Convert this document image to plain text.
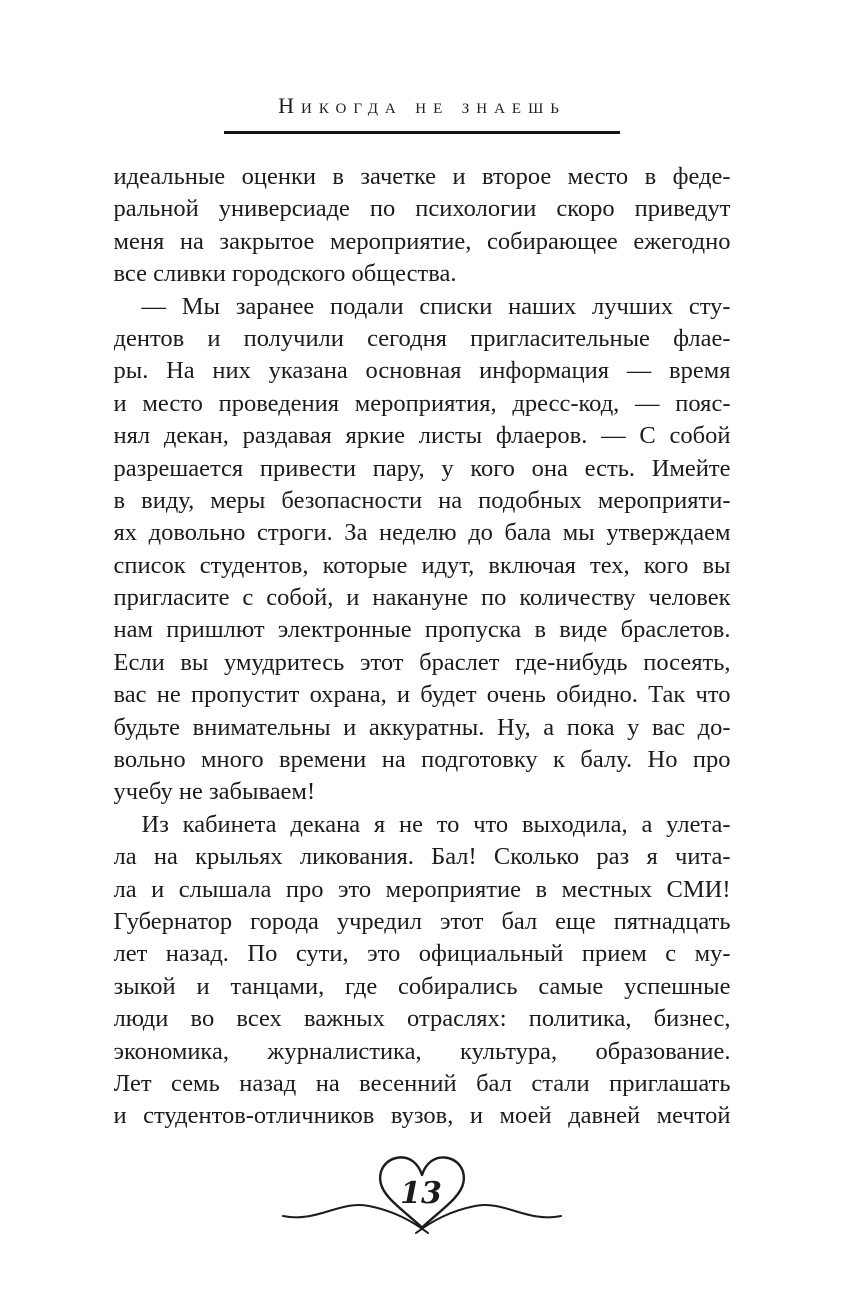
Никогда не знаешь
идеальные оценки в зачетке и второе место в феде-
ральной универсиаде по психологии скоро приведут
меня на закрытое мероприятие, собирающее ежегодно
все сливки городского общества.
— Мы заранее подали списки наших лучших сту-
дентов и получили сегодня пригласительные флае-
ры. На них указана основная информация — время
и место проведения мероприятия, дресс-код, — пояс-
нял декан, раздавая яркие листы флаеров. — С собой
разрешается привести пару, у кого она есть. Имейте
в виду, меры безопасности на подобных мероприяти-
ях довольно строги. За неделю до бала мы утверждаем
список студентов, которые идут, включая тех, кого вы
пригласите с собой, и накануне по количеству человек
нам пришлют электронные пропуска в виде браслетов.
Если вы умудритесь этот браслет где-нибудь посеять,
вас не пропустит охрана, и будет очень обидно. Так что
будьте внимательны и аккуратны. Ну, а пока у вас до-
вольно много времени на подготовку к балу. Но про
учебу не забываем!
Из кабинета декана я не то что выходила, а улета-
ла на крыльях ликования. Бал! Сколько раз я чита-
ла и слышала про это мероприятие в местных СМИ!
Губернатор города учредил этот бал еще пятнадцать
лет назад. По сути, это официальный прием с му-
зыкой и танцами, где собирались самые успешные
люди во всех важных отраслях: политика, бизнес,
экономика, журналистика, культура, образование.
Лет семь назад на весенний бал стали приглашать
и студентов-отличников вузов, и моей давней мечтой
13
